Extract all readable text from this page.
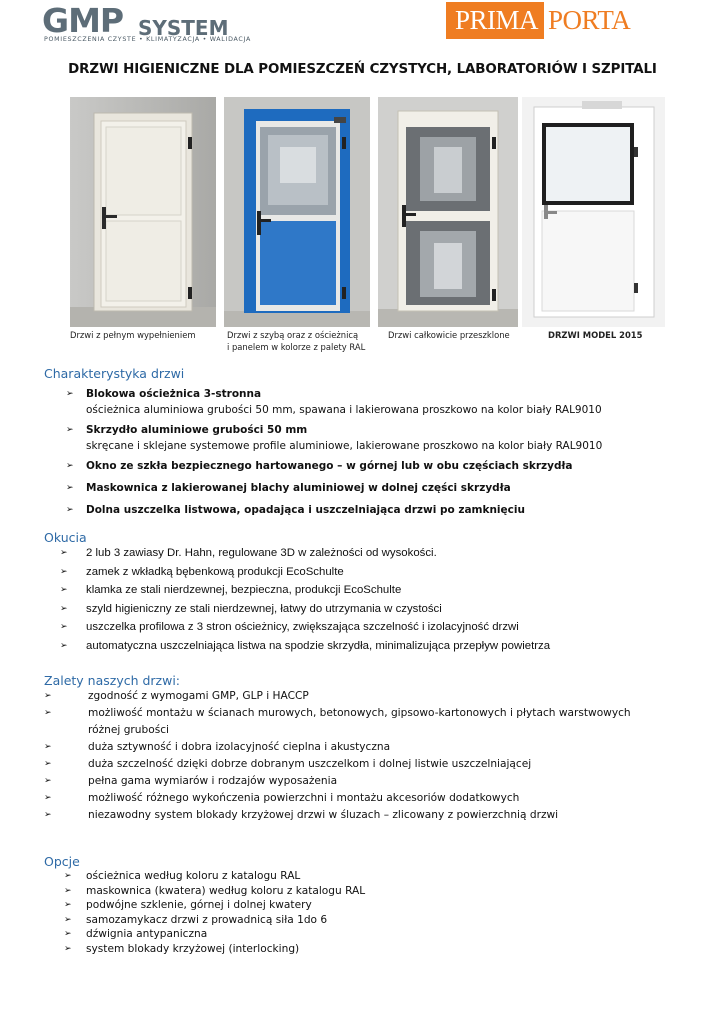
GMP SYSTEM
POMIESZCZENIA CZYSTE • KLIMATYZACJA • WALIDACJA
PRIMA PORTA
DRZWI HIGIENICZNE DLA POMIESZCZEŃ CZYSTYCH, LABORATORIÓW I SZPITALI
Drzwi z pełnym wypełnieniem	Drzwi z szybą oraz z ościeżnicą
i panelem w kolorze z palety RAL
Drzwi całkowicie przeszklone	DRZWI MODEL 2015
Charakterystyka drzwi
➢ Blokowa ościeżnica 3-stronna
ościeżnica aluminiowa grubości 50 mm, spawana i lakierowana proszkowo na kolor biały RAL9010
➢ Skrzydło aluminiowe grubości 50 mm
skręcane i sklejane systemowe profile aluminiowe, lakierowane proszkowo na kolor biały RAL9010
➢ Okno ze szkła bezpiecznego hartowanego – w górnej lub w obu częściach skrzydła
➢ Maskownica z lakierowanej blachy aluminiowej w dolnej części skrzydła
➢ Dolna uszczelka listwowa, opadająca i uszczelniająca drzwi po zamknięciu
Okucia
➢ 2 lub 3 zawiasy Dr. Hahn, regulowane 3D w zależności od wysokości.
➢ zamek z wkładką bębenkową produkcji EcoSchulte
➢ klamka ze stali nierdzewnej, bezpieczna, produkcji EcoSchulte
➢ szyld higieniczny ze stali nierdzewnej, łatwy do utrzymania w czystości
➢ uszczelka profilowa z 3 stron ościeżnicy, zwiększająca szczelność i izolacyjność drzwi
➢ automatyczna uszczelniająca listwa na spodzie skrzydła, minimalizująca przepływ powietrza
Zalety naszych drzwi:
➢	zgodność z wymogami GMP, GLP i HACCP
➢	możliwość montażu w ścianach murowych, betonowych, gipsowo-kartonowych i płytach warstwowych
różnej grubości
➢	duża sztywność i dobra izolacyjność cieplna i akustyczna
➢	duża szczelność dzięki dobrze dobranym uszczelkom i dolnej listwie uszczelniającej
➢	pełna gama wymiarów i rodzajów wyposażenia
➢	możliwość różnego wykończenia powierzchni i montażu akcesoriów dodatkowych
➢	niezawodny system blokady krzyżowej drzwi w śluzach – zlicowany z powierzchnią drzwi
Opcje
➢ ościeżnica według koloru z katalogu RAL
➢ maskownica (kwatera) według koloru z katalogu RAL
➢ podwójne szklenie, górnej i dolnej kwatery
➢ samozamykacz drzwi z prowadnicą siła 1do 6
➢ dźwignia antypaniczna
➢ system blokady krzyżowej (interlocking)
